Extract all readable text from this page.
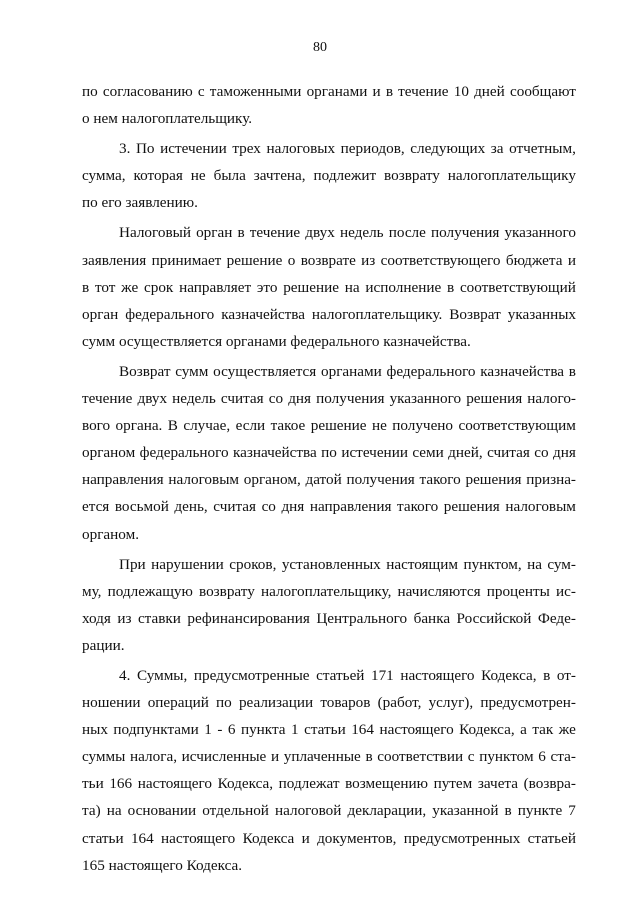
80
по согласованию с таможенными органами и в течение 10 дней сообщают
о нем налогоплательщику.
3. По истечении трех налоговых периодов, следующих за отчетным,
сумма, которая не была зачтена, подлежит возврату налогоплательщику
по его заявлению.
Налоговый орган в течение двух недель после получения указанного
заявления принимает решение о возврате из соответствующего бюджета и
в тот же срок направляет это решение на исполнение в соответствующий
орган федерального казначейства налогоплательщику. Возврат указанных
сумм осуществляется органами федерального казначейства.
Возврат сумм осуществляется органами федерального казначейства в
течение двух недель считая со дня получения указанного решения налого-
вого органа. В случае, если такое решение не получено соответствующим
органом федерального казначейства по истечении семи дней, считая со дня
направления налоговым органом, датой получения такого решения призна-
ется восьмой день, считая со дня направления такого решения налоговым
органом.
При нарушении сроков, установленных настоящим пунктом, на сум-
му, подлежащую возврату налогоплательщику, начисляются проценты ис-
ходя из ставки рефинансирования Центрального банка Российской Феде-
рации.
4. Суммы, предусмотренные статьей 171 настоящего Кодекса, в от-
ношении операций по реализации товаров (работ, услуг), предусмотрен-
ных подпунктами 1 - 6 пункта 1 статьи 164 настоящего Кодекса, а так же
суммы налога, исчисленные и уплаченные в соответствии с пунктом 6 ста-
тьи 166 настоящего Кодекса, подлежат возмещению путем зачета (возвра-
та) на основании отдельной налоговой декларации, указанной в пункте 7
статьи 164 настоящего Кодекса и документов, предусмотренных статьей
165 настоящего Кодекса.
